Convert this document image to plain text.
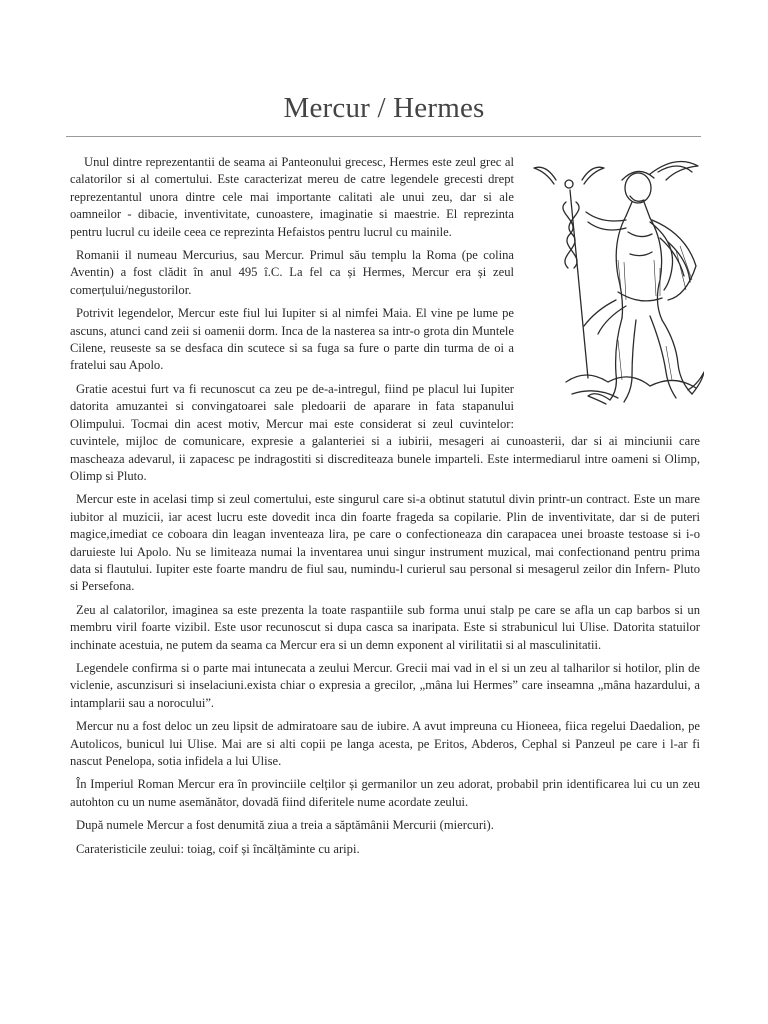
Mercur / Hermes

Unul dintre reprezentantii de seama ai Panteonului grecesc, Hermes este zeul grec al calatorilor si al comertului. Este caracterizat mereu de catre legendele grecesti drept reprezentantul unora dintre cele mai importante calitati ale unui zeu, dar si ale oamneilor - dibacie, inventivitate, cunoastere, imaginatie si maestrie. El reprezinta pentru lucrul cu ideile ceea ce reprezinta Hefaistos pentru lucrul cu mainile.

Romanii il numeau Mercurius, sau Mercur. Primul său templu la Roma (pe colina Aventin) a fost clădit în anul 495 î.C. La fel ca și Hermes, Mercur era și zeul comerțului/negustorilor.

Potrivit legendelor, Mercur este fiul lui Iupiter si al nimfei Maia. El vine pe lume pe ascuns, atunci cand zeii si oamenii dorm. Inca de la nasterea sa intr-o grota din Muntele Cilene, reuseste sa se desfaca din scutece si sa fuga sa fure o parte din turma de oi a fratelui sau Apolo.

Gratie acestui furt va fi recunoscut ca zeu pe de-a-intregul, fiind pe placul lui Iupiter datorita amuzantei si convingatoarei sale pledoarii de aparare in fata stapanului Olimpului. Tocmai din acest motiv, Mercur mai este considerat si zeul cuvintelor: cuvintele, mijloc de comunicare, expresie a galanteriei si a iubirii, mesageri ai cunoasterii, dar si ai minciunii care mascheaza adevarul, ii zapacesc pe indragostiti si discrediteaza bunele imparteli. Este intermediarul intre oameni si Olimp, Olimp si Pluto.

Mercur este in acelasi timp si zeul comertului, este singurul care si-a obtinut statutul divin printr-un contract. Este un mare iubitor al muzicii, iar acest lucru este dovedit inca din foarte frageda sa copilarie. Plin de inventivitate, dar si de puteri magice,imediat ce coboara din leagan inventeaza lira, pe care o confectioneaza din carapacea unei broaste testoase si i-o daruieste lui Apolo. Nu se limiteaza numai la inventarea unui singur instrument muzical, mai confectionand pentru prima data si flautului. Iupiter este foarte mandru de fiul sau, numindu-l curierul sau personal si mesagerul zeilor din Infern- Pluto si Persefona.

Zeu al calatorilor, imaginea sa este prezenta la toate raspantiile sub forma unui stalp pe care se afla un cap barbos si un membru viril foarte vizibil. Este usor recunoscut si dupa casca sa inaripata. Este si strabunicul lui Ulise. Datorita statuilor inchinate acestuia, ne putem da seama ca Mercur era si un demn exponent al virilitatii si al masculinitatii.

Legendele confirma si o parte mai intunecata a zeului Mercur. Grecii mai vad in el si un zeu al talharilor si hotilor, plin de viclenie, ascunzisuri si inselaciuni.exista chiar o expresia a grecilor, „mâna lui Hermes” care inseamna „mâna hazardului, a intamplarii sau a norocului”.

Mercur nu a fost deloc un zeu lipsit de admiratoare sau de iubire. A avut impreuna cu Hioneea, fiica regelui Daedalion, pe Autolicos, bunicul lui Ulise. Mai are si alti copii pe langa acesta, pe Eritos, Abderos, Cephal si Panzeul pe care i l-ar fi nascut Penelopa, sotia infidela a lui Ulise.

În Imperiul Roman Mercur era în provinciile celților și germanilor un zeu adorat, probabil prin identificarea lui cu un zeu autohton cu un nume asemănător, dovadă fiind diferitele nume acordate zeului.

După numele Mercur a fost denumită ziua a treia a săptămânii Mercurii (miercuri).

Carateristicile zeului: toiag, coif și încălțăminte cu aripi.
